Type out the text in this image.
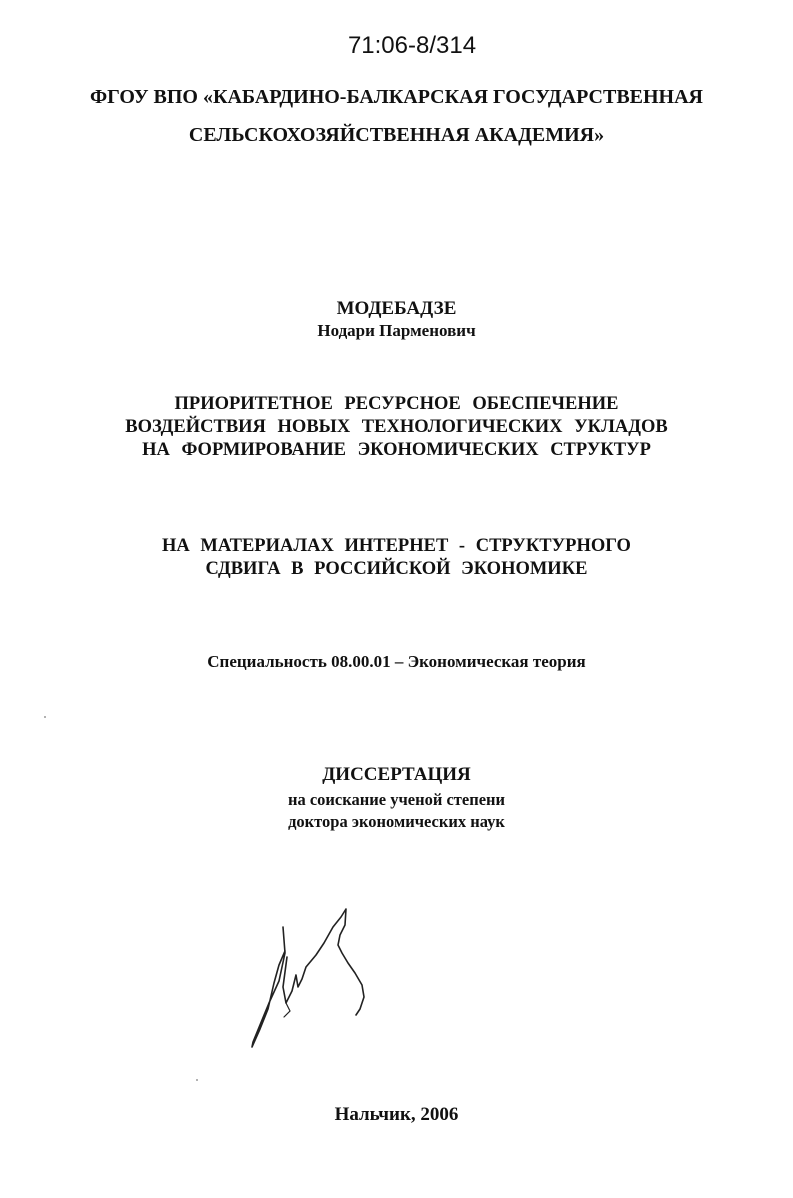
71:06-8/314
ФГОУ ВПО «КАБАРДИНО-БАЛКАРСКАЯ ГОСУДАРСТВЕННАЯ
СЕЛЬСКОХОЗЯЙСТВЕННАЯ АКАДЕМИЯ»
МОДЕБАДЗЕ
Нодари Парменович
ПРИОРИТЕТНОЕ РЕСУРСНОЕ ОБЕСПЕЧЕНИЕ
ВОЗДЕЙСТВИЯ НОВЫХ ТЕХНОЛОГИЧЕСКИХ УКЛАДОВ
НА ФОРМИРОВАНИЕ ЭКОНОМИЧЕСКИХ СТРУКТУР
НА МАТЕРИАЛАХ ИНТЕРНЕТ - СТРУКТУРНОГО
СДВИГА В РОССИЙСКОЙ ЭКОНОМИКЕ
Специальность 08.00.01 – Экономическая теория
ДИССЕРТАЦИЯ
на соискание ученой степени
доктора экономических наук
Нальчик, 2006
